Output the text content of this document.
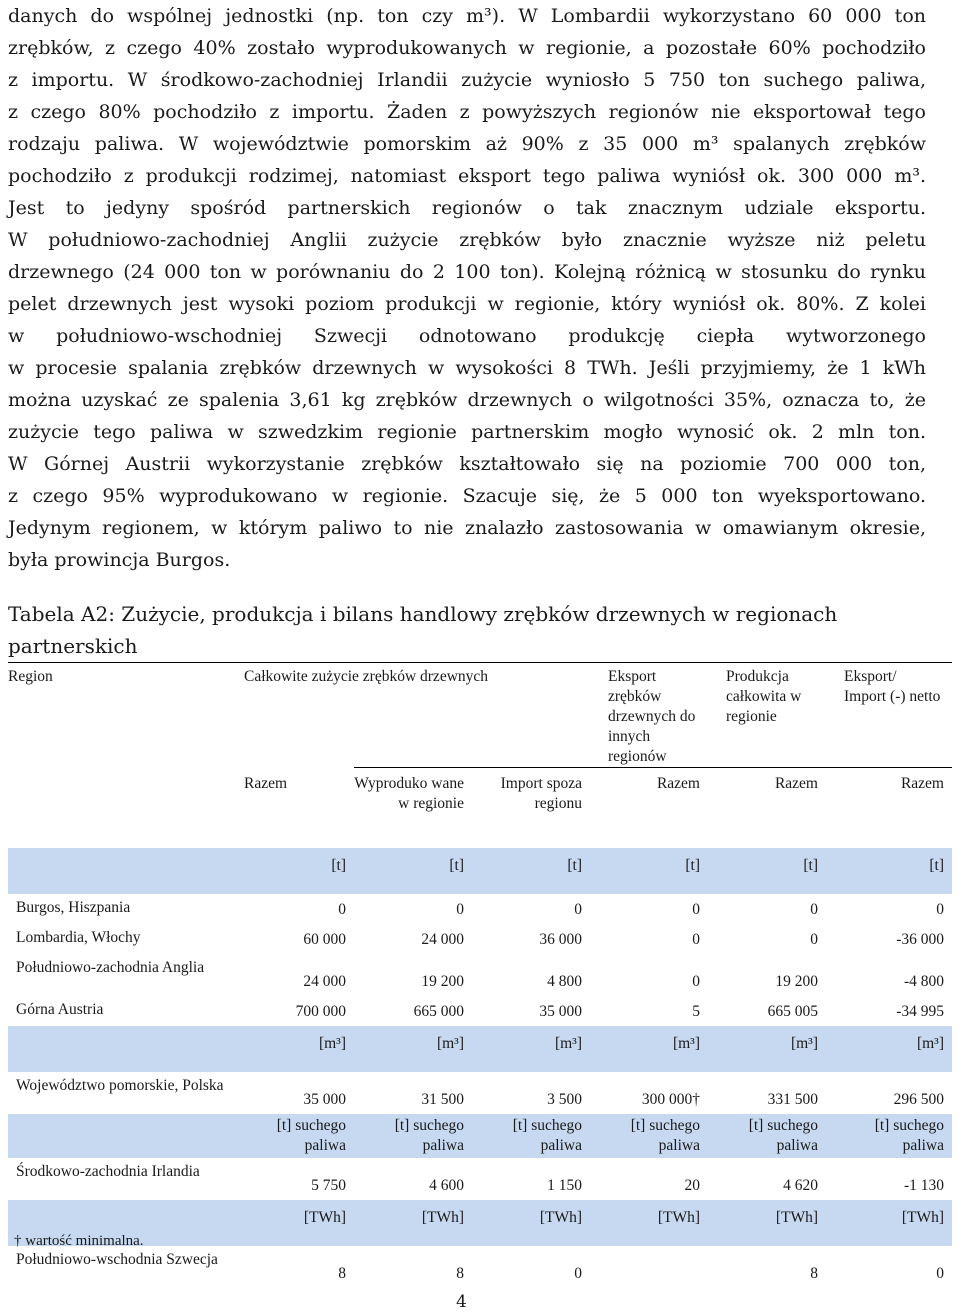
danych do wspólnej jednostki (np. ton czy m³). W Lombardii wykorzystano 60 000 ton
zrębków, z czego 40% zostało wyprodukowanych w regionie, a pozostałe 60% pochodziło
z importu. W środkowo-zachodniej Irlandii zużycie wyniosło 5 750 ton suchego paliwa,
z czego 80% pochodziło z importu. Żaden z powyższych regionów nie eksportował tego
rodzaju paliwa. W województwie pomorskim aż 90% z 35 000 m³ spalanych zrębków
pochodziło z produkcji rodzimej, natomiast eksport tego paliwa wyniósł ok. 300 000 m³.
Jest to jedyny spośród partnerskich regionów o tak znacznym udziale eksportu.
W południowo-zachodniej Anglii zużycie zrębków było znacznie wyższe niż peletu
drzewnego (24 000 ton w porównaniu do 2 100 ton). Kolejną różnicą w stosunku do rynku
pelet drzewnych jest wysoki poziom produkcji w regionie, który wyniósł ok. 80%. Z kolei
w południowo-wschodniej Szwecji odnotowano produkcję ciepła wytworzonego
w procesie spalania zrębków drzewnych w wysokości 8 TWh. Jeśli przyjmiemy, że 1 kWh
można uzyskać ze spalenia 3,61 kg zrębków drzewnych o wilgotności 35%, oznacza to, że
zużycie tego paliwa w szwedzkim regionie partnerskim mogło wynosić ok. 2 mln ton.
W Górnej Austrii wykorzystanie zrębków kształtowało się na poziomie 700 000 ton,
z czego 95% wyprodukowano w regionie. Szacuje się, że 5 000 ton wyeksportowano.
Jedynym regionem, w którym paliwo to nie znalazło zastosowania w omawianym okresie,
była prowincja Burgos.

Tabela A2: Zużycie, produkcja i bilans handlowy zrębków drzewnych w regionach partnerskich
Region	Całkowite zużycie zrębków drzewnych			Eksport zrębków drzewnych do innych regionów	Produkcja całkowita w regionie	Eksport/ Import (-) netto
	Razem	Wyproduko wane w regionie	Import spoza regionu	Razem	Razem	Razem
	[t]	[t]	[t]	[t]	[t]	[t]
Burgos, Hiszpania	0	0	0	0	0	0
Lombardia, Włochy	60 000	24 000	36 000	0	0	-36 000
Południowo-zachodnia Anglia	24 000	19 200	4 800	0	19 200	-4 800
Górna Austria	700 000	665 000	35 000	5	665 005	-34 995
	[m³]	[m³]	[m³]	[m³]	[m³]	[m³]
Województwo pomorskie, Polska	35 000	31 500	3 500	300 000†	331 500	296 500
	[t] suchego paliwa	[t] suchego paliwa	[t] suchego paliwa	[t] suchego paliwa	[t] suchego paliwa	[t] suchego paliwa
Środkowo-zachodnia Irlandia	5 750	4 600	1 150	20	4 620	-1 130
	[TWh]	[TWh]	[TWh]	[TWh]	[TWh]	[TWh]
Południowo-wschodnia Szwecja	8	8	0		8	0
† wartość minimalna.
4
